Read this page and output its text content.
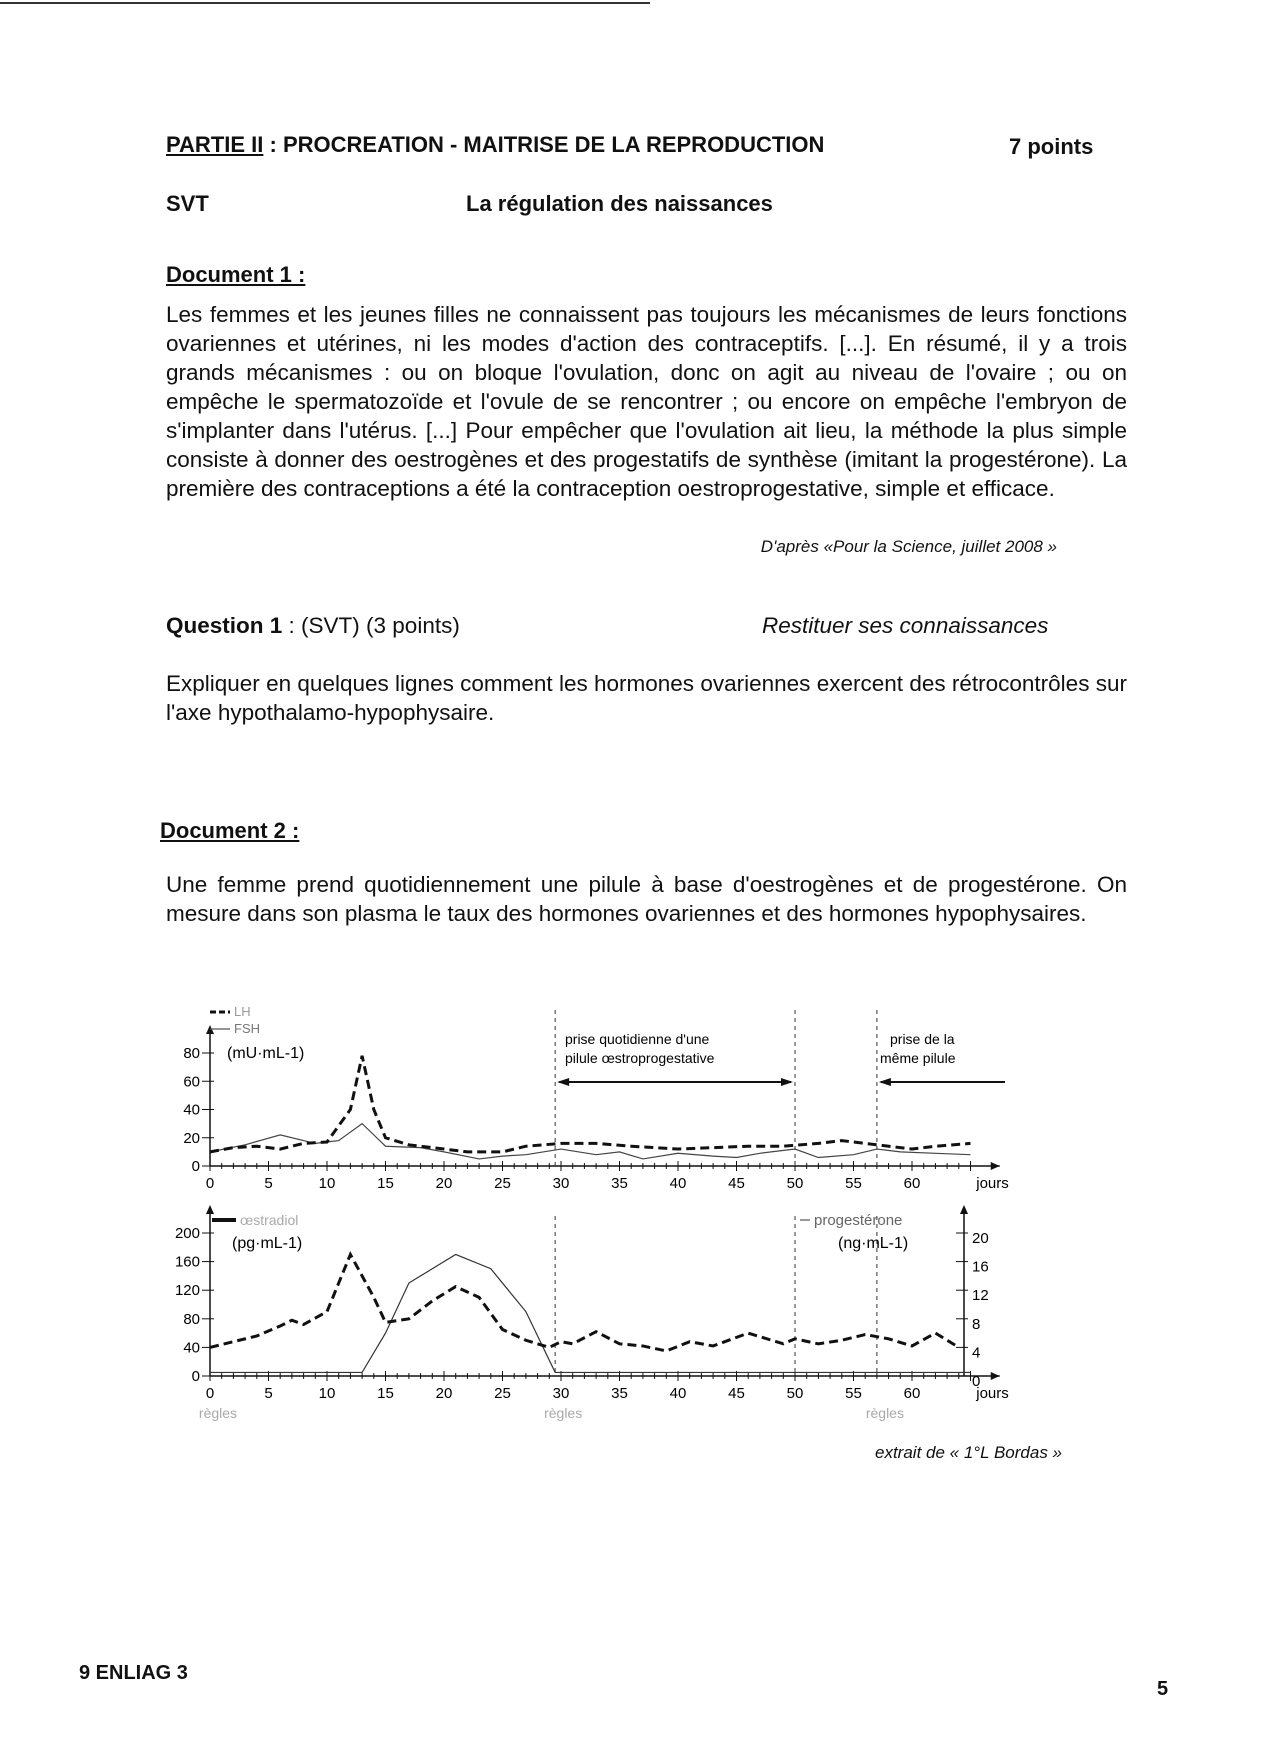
PARTIE II : PROCREATION - MAITRISE DE LA REPRODUCTION	7 points
SVT	La régulation des naissances
Document 1 :
Les femmes et les jeunes filles ne connaissent pas toujours les mécanismes de leurs fonctions ovariennes et utérines, ni les modes d'action des contraceptifs. [...]. En résumé, il y a trois grands mécanismes : ou on bloque l'ovulation, donc on agit au niveau de l'ovaire ; ou on empêche le spermatozoïde et l'ovule de se rencontrer ; ou encore on empêche l'embryon de s'implanter dans l'utérus. [...] Pour empêcher que l'ovulation ait lieu, la méthode la plus simple consiste à donner des oestrogènes et des progestatifs de synthèse (imitant la progestérone). La première des contraceptions a été la contraception oestroprogestative, simple et efficace.
D'après «Pour la Science, juillet 2008 »
Question 1 : (SVT) (3 points)	Restituer ses connaissances
Expliquer en quelques lignes comment les hormones ovariennes exercent des rétrocontrôles sur l'axe hypothalamo-hypophysaire.
Document 2 :
Une femme prend quotidiennement une pilule à base d'oestrogènes et de progestérone. On mesure dans son plasma le taux des hormones ovariennes et des hormones hypophysaires.
0	5	10	15	20	25	30	35	40	45	50	55	60	jours
0
20
40
60
80
LH
FSH
(mU·mL-1)
prise quotidienne d'une
pilule œstroprogestative
prise de la
même pilule
0	5	10	15	20	25	30	35	40	45	50	55	60	jours
0
40
80
120
160
200
0
4
8
12
16
20
œstradiol
(pg·mL-1)
progestérone
(ng·mL-1)
règles	règles	règles
extrait de « 1°L Bordas »
9 ENLIAG 3
5
